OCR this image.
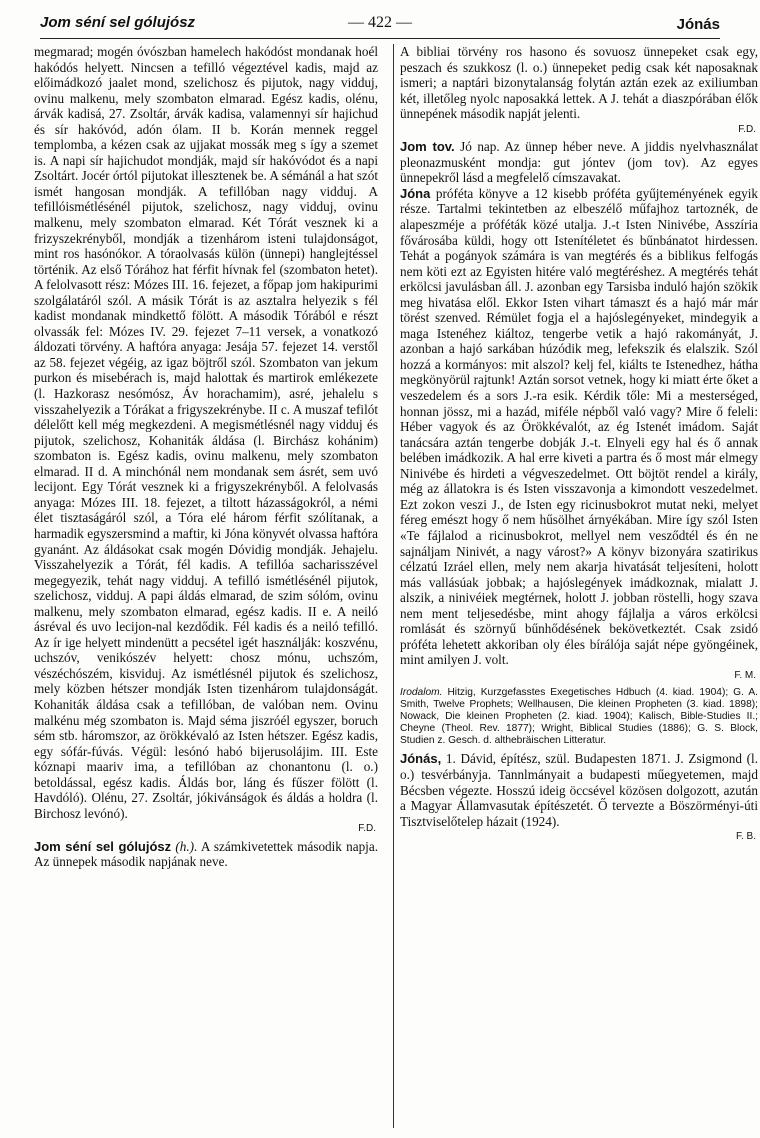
Jom séní sel gólujósz	— 422 —	Jónás

megmarad; mogén óvószban hamelech hakódóst mondanak hoél hakódós helyett. Nincsen a tefilló végeztével kadis, majd az előimádkozó jaalet mond, szelichosz és pijutok, nagy vidduj, ovinu malkenu, mely szombaton elmarad. Egész kadis, olénu, árvák kadisá, 27. Zsoltár, árvák kadisa, valamennyi sír hajichud és sír hakóvód, adón ólam. II b. Korán mennek reggel templomba, a kézen csak az ujjakat mossák meg s így a szemet is. A napi sír hajichudot mondják, majd sír hakóvódot és a napi Zsoltárt. Jocér órtól pijutokat illesztenek be. A sémánál a hat szót ismét hangosan mondják. A tefillóban nagy vidduj. A tefillóismétlésénél pijutok, szelichosz, nagy vidduj, ovinu malkenu, mely szombaton elmarad. Két Tórát vesznek ki a frizyszekrényből, mondják a tizenhárom isteni tulajdonságot, mint ros hasónókor. A tóraolvasás külön (ünnepi) hanglejtéssel történik. Az első Tórához hat férfit hívnak fel (szombaton hetet). A felolvasott rész: Mózes III. 16. fejezet, a főpap jom hakipurimi szolgálatáról szól. A másik Tórát is az asztalra helyezik s fél kadist mondanak mindkettő fölött. A második Tórából e részt olvassák fel: Mózes IV. 29. fejezet 7–11 versek, a vonatkozó áldozati törvény. A haftóra anyaga: Jesája 57. fejezet 14. verstől az 58. fejezet végéig, az igaz böjtről szól. Szombaton van jekum purkon és misebérach is, majd halottak és martirok emlékezete (l. Hazkorasz nesómósz, Áv horachamim), asré, jehalelu s visszahelyezik a Tórákat a frigyszekrénybe. II c. A muszaf tefilót délelőtt kell még megkezdeni. A megismétlésnél nagy vidduj és pijutok, szelichosz, Kohaniták áldása (l. Birchász kohánim) szombaton is. Egész kadis, ovinu malkenu, mely szombaton elmarad. II d. A minchónál nem mondanak sem ásrét, sem uvó lecijont. Egy Tórát vesznek ki a frigyszekrényből. A felolvasás anyaga: Mózes III. 18. fejezet, a tiltott házasságokról, a némi élet tisztaságáról szól, a Tóra elé három férfit szólítanak, a harmadik egyszersmind a maftir, ki Jóna könyvét olvassa haftóra gyanánt. Az áldásokat csak mogén Dóvidig mondják. Jehajelu. Visszahelyezik a Tórát, fél kadis. A tefillóa sacharisszével megegyezik, tehát nagy vidduj. A tefilló ismétlésénél pijutok, szelichosz, vidduj. A papi áldás elmarad, de szim sólóm, ovinu malkenu, mely szombaton elmarad, egész kadis. II e. A neiló ásréval és uvo lecijon-nal kezdődik. Fél kadis és a neiló tefilló. Az ír ige helyett mindenütt a pecsétel igét használják: koszvénu, uchszóv, venikószév helyett: chosz mónu, uchszóm, vészéchószém, kisviduj. Az ismétlésnél pijutok és szelichosz, mely közben hétszer mondják Isten tizenhárom tulajdonságát. Kohaniták áldása csak a tefillóban, de valóban nem. Ovinu malkénu még szombaton is. Majd séma jiszróél egyszer, boruch sém stb. háromszor, az örökkévaló az Isten hétszer. Egész kadis, egy sófár-fúvás. Végül: lesónó habó bijerusolájim. III. Este kóznapi maariv ima, a tefillóban az chonantonu (l. o.) betoldással, egész kadis. Áldás bor, láng és fűszer fölött (l. Havdóló). Olénu, 27. Zsoltár, jókivánságok és áldás a holdra (l. Birchosz levónó).

F.D.

Jom séní sel gólujósz (h.). A számkivetettek második napja. Az ünnepek második napjának neve.

A bibliai törvény ros hasono és sovuosz ünnepeket csak egy, peszach és szukkosz (l. o.) ünnepeket pedig csak két naposaknak ismeri; a naptári bizonytalanság folytán aztán ezek az exiliumban két, illetőleg nyolc naposakká lettek. A J. tehát a diaszpórában élők ünnepének második napját jelenti.

F.D.

Jom tov. Jó nap. Az ünnep héber neve. A jiddis nyelvhasználat pleonazmusként mondja: gut jóntev (jom tov). Az egyes ünnepekről lásd a megfelelő címszavakat.

Jóna próféta könyve a 12 kisebb próféta gyűjteményének egyik része. Tartalmi tekintetben az elbeszélő műfajhoz tartoznék, de alapeszméje a próféták közé utalja. J.-t Isten Ninivébe, Asszíria fővárosába küldi, hogy ott Istenítéletet és bűnbánatot hirdessen. Tehát a pogányok számára is van megtérés és a biblikus felfogás nem köti ezt az Egyisten hitére való megtéréshez. A megtérés tehát erkölcsi javulásban áll. J. azonban egy Tarsisba induló hajón szökik meg hivatása elől. Ekkor Isten vihart támaszt és a hajó már már törést szenved. Rémület fogja el a hajóslegényeket, mindegyik a maga Istenéhez kiáltoz, tengerbe vetik a hajó rakományát, J. azonban a hajó sarkában húzódik meg, lefekszik és elalszik. Szól hozzá a kormányos: mit alszol? kelj fel, kiálts te Istenedhez, hátha megkönyörül rajtunk! Aztán sorsot vetnek, hogy ki miatt érte őket a veszedelem és a sors J.-ra esik. Kérdik tőle: Mi a mesterséged, honnan jössz, mi a hazád, miféle népből való vagy? Mire ő feleli: Héber vagyok és az Örökkévalót, az ég Istenét imádom. Saját tanácsára aztán tengerbe dobják J.-t. Elnyeli egy hal és ő annak belében imádkozik. A hal erre kiveti a partra és ő most már elmegy Ninivébe és hirdeti a végveszedelmet. Ott böjtöt rendel a király, még az állatokra is és Isten visszavonja a kimondott veszedelmet. Ezt zokon veszi J., de Isten egy ricinusbokrot mutat neki, melyet féreg emészt hogy ő nem hűsölhet árnyékában. Mire így szól Isten «Te fájlalod a ricinusbokrot, mellyel nem vesződtél és én ne sajnáljam Ninivét, a nagy várost?» A könyv bizonyára szatirikus célzatú Izráel ellen, mely nem akarja hivatását teljesíteni, holott más vallásúak jobbak; a hajóslegények imádkoznak, mialatt J. alszik, a ninivéiek megtérnek, holott J. jobban röstelli, hogy szava nem ment teljesedésbe, mint ahogy fájlalja a város erkölcsi romlását és szörnyű bűnhődésének bekövetkeztét. Csak zsidó próféta lehetett akkoriban oly éles bírálója saját népe gyöngéinek, mint amilyen J. volt.

F. M.
Irodalom. Hitzig, Kurzgefasstes Exegetisches Hdbuch (4. kiad. 1904); G. A. Smith, Twelve Prophets; Wellhausen, Die kleinen Propheten (3. kiad. 1898); Nowack, Die kleinen Propheten (2. kiad. 1904); Kalisch, Bible-Studies II.; Cheyne (Theol. Rev. 1877); Wright, Biblical Studies (1886); G. S. Block, Studien z. Gesch. d. althebräischen Litteratur.

Jónás, 1. Dávid, építész, szül. Budapesten 1871. J. Zsigmond (l. o.) tesvérbányja. Tannlmányait a budapesti műegyetemen, majd Bécsben végezte. Hosszú ideig öccsével közösen dolgozott, azután a Magyar Államvasutak építészetét. Ő tervezte a Böszörményi-úti Tisztviselőtelep házait (1924).

F. B.
